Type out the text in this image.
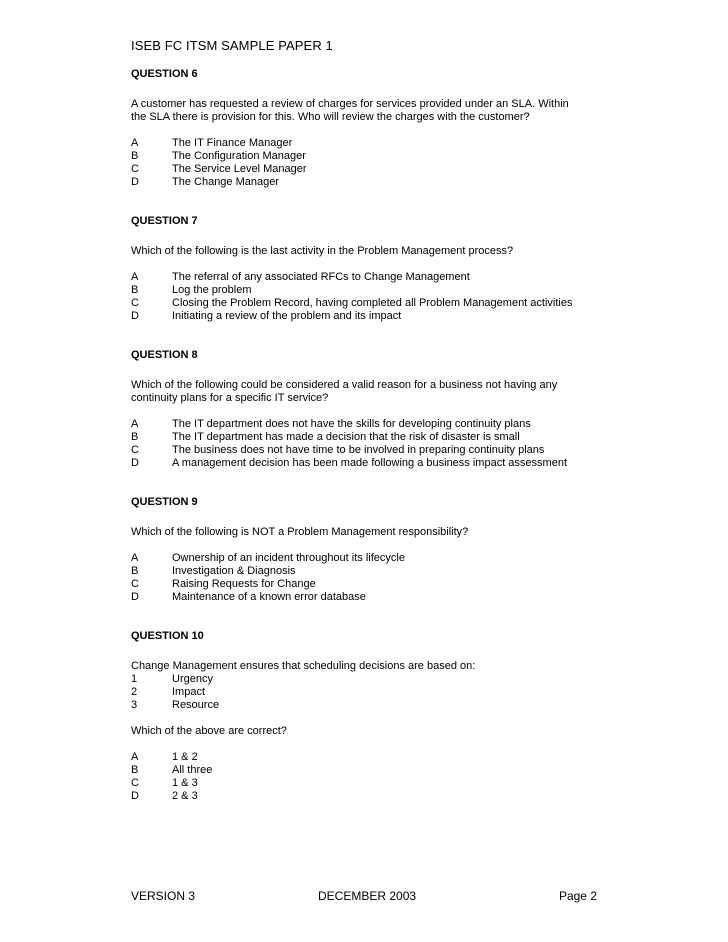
ISEB FC ITSM SAMPLE PAPER 1
QUESTION 6
A customer has requested a review of charges for services provided under an SLA. Within
the SLA there is provision for this. Who will review the charges with the customer?
A	The IT Finance Manager
B	The Configuration Manager
C	The Service Level Manager
D	The Change Manager
QUESTION 7
Which of the following is the last activity in the Problem Management process?
A	The referral of any associated RFCs to Change Management
B	Log the problem
C	Closing the Problem Record, having completed all Problem Management activities
D	Initiating a review of the problem and its impact
QUESTION 8
Which of the following could be considered a valid reason for a business not having any
continuity plans for a specific IT service?
A	The IT department does not have the skills for developing continuity plans
B	The IT department has made a decision that the risk of disaster is small
C	The business does not have time to be involved in preparing continuity plans
D	A management decision has been made following a business impact assessment
QUESTION 9
Which of the following is NOT a Problem Management responsibility?
A	Ownership of an incident throughout its lifecycle
B	Investigation & Diagnosis
C	Raising Requests for Change
D	Maintenance of a known error database
QUESTION 10
Change Management ensures that scheduling decisions are based on:
1	Urgency
2	Impact
3	Resource
Which of the above are correct?
A	1 & 2
B	All three
C	1 & 3
D	2 & 3
VERSION 3	DECEMBER 2003	Page 2
